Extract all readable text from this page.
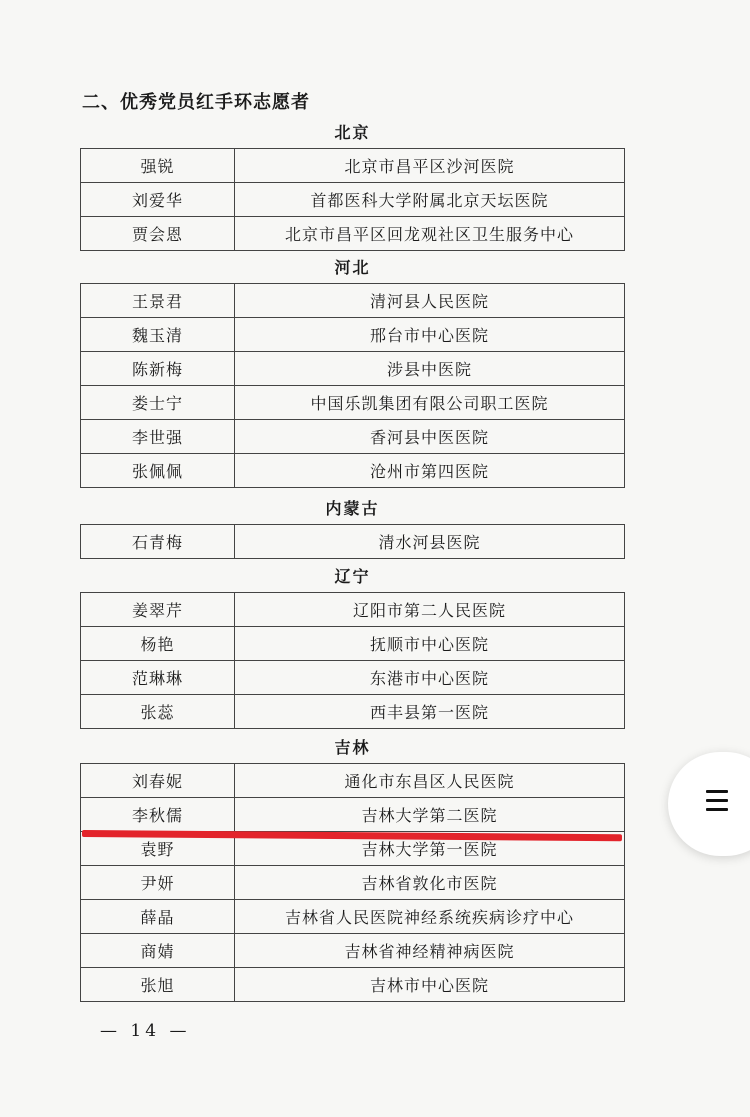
二、优秀党员红手环志愿者
北京
强锐	北京市昌平区沙河医院
刘爱华	首都医科大学附属北京天坛医院
贾会恩	北京市昌平区回龙观社区卫生服务中心
河北
王景君	清河县人民医院
魏玉清	邢台市中心医院
陈新梅	涉县中医院
娄士宁	中国乐凯集团有限公司职工医院
李世强	香河县中医医院
张佩佩	沧州市第四医院
内蒙古
石青梅	清水河县医院
辽宁
姜翠芹	辽阳市第二人民医院
杨艳	抚顺市中心医院
范琳琳	东港市中心医院
张蕊	西丰县第一医院
吉林
刘春妮	通化市东昌区人民医院
李秋儒	吉林大学第二医院
袁野	吉林大学第一医院
尹妍	吉林省敦化市医院
薛晶	吉林省人民医院神经系统疾病诊疗中心
商婧	吉林省神经精神病医院
张旭	吉林市中心医院
— 14 —
